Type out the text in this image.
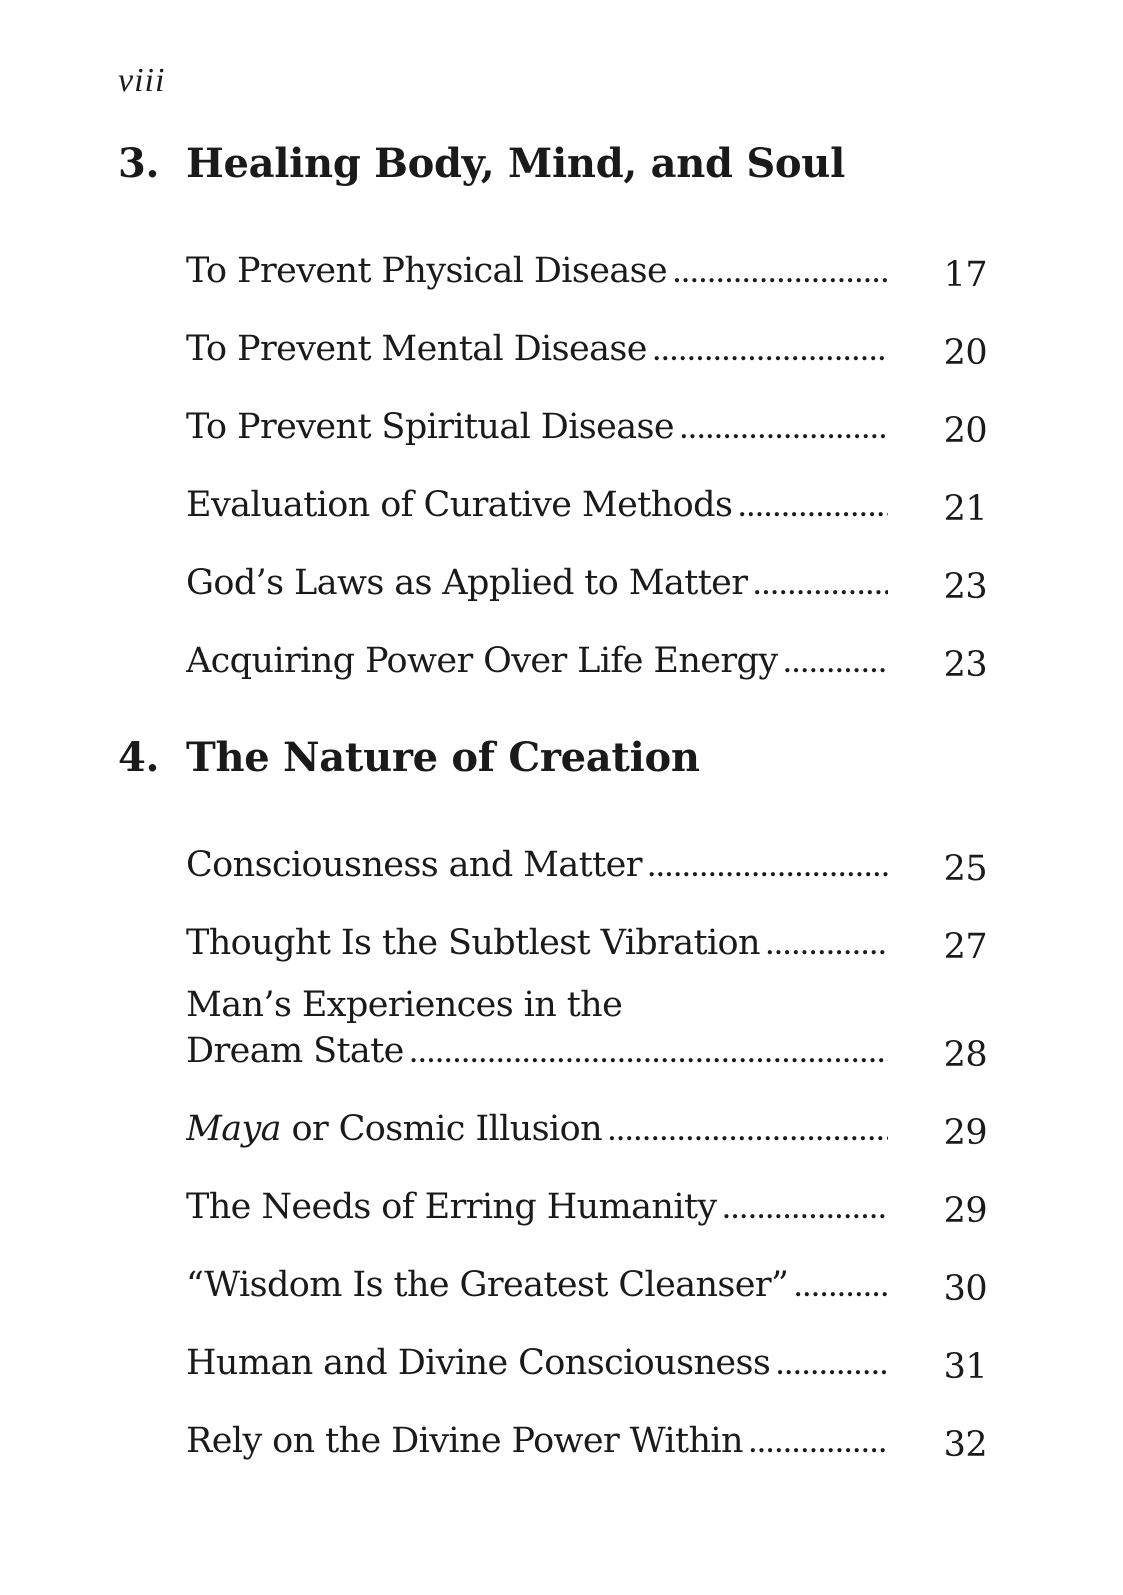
viii
3. Healing Body, Mind, and Soul
To Prevent Physical Disease .....	17
To Prevent Mental Disease .....	20
To Prevent Spiritual Disease .....	20
Evaluation of Curative Methods .....	21
God’s Laws as Applied to Matter .....	23
Acquiring Power Over Life Energy .....	23
4. The Nature of Creation
Consciousness and Matter .....	25
Thought Is the Subtlest Vibration .....	27
Man’s Experiences in the
Dream State .....	28
Maya or Cosmic Illusion .....	29
The Needs of Erring Humanity .....	29
“Wisdom Is the Greatest Cleanser” .....	30
Human and Divine Consciousness .....	31
Rely on the Divine Power Within .....	32
